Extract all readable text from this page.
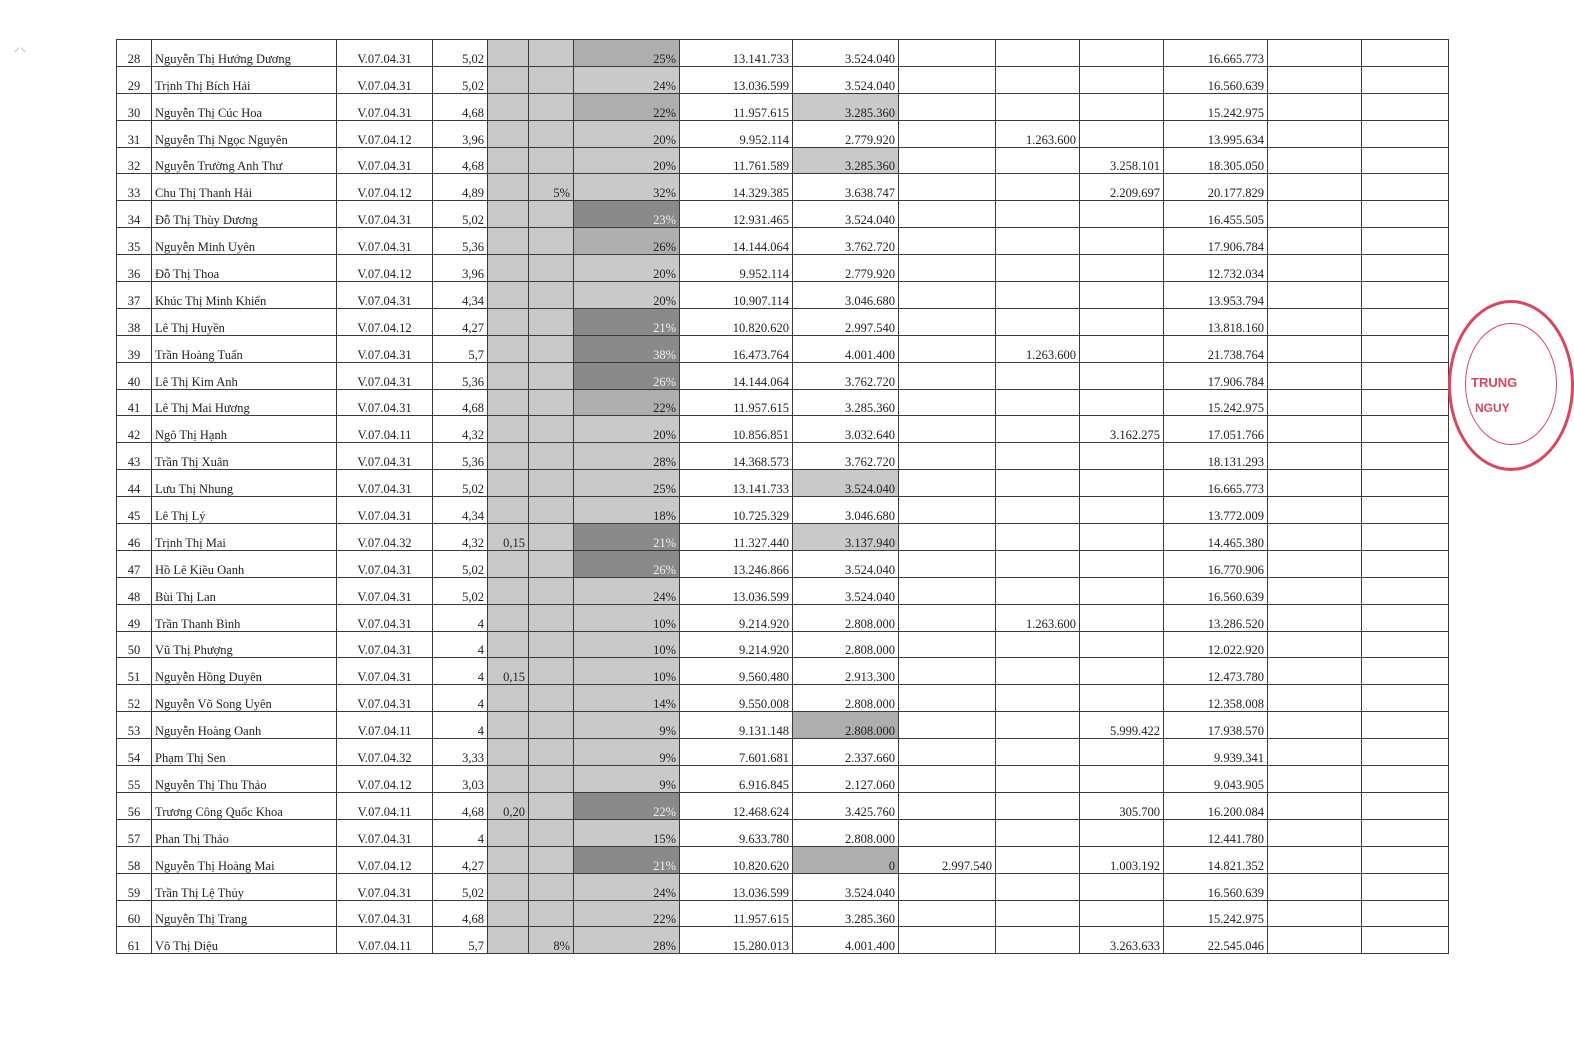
⸝⸜
28	Nguyễn Thị Hướng Dương	V.07.04.31	5,02			25%	13.141.733	3.524.040				16.665.773		
29	Trịnh Thị Bích Hải	V.07.04.31	5,02			24%	13.036.599	3.524.040				16.560.639		
30	Nguyễn Thị Cúc Hoa	V.07.04.31	4,68			22%	11.957.615	3.285.360				15.242.975		
31	Nguyễn Thị Ngọc Nguyên	V.07.04.12	3,96			20%	9.952.114	2.779.920		1.263.600		13.995.634		
32	Nguyễn Trường Anh Thư	V.07.04.31	4,68			20%	11.761.589	3.285.360			3.258.101	18.305.050		
33	Chu Thị Thanh Hải	V.07.04.12	4,89		5%	32%	14.329.385	3.638.747			2.209.697	20.177.829		
34	Đỗ Thị Thùy Dương	V.07.04.31	5,02			23%	12.931.465	3.524.040				16.455.505		
35	Nguyễn Minh Uyên	V.07.04.31	5,36			26%	14.144.064	3.762.720				17.906.784		
36	Đỗ Thị Thoa	V.07.04.12	3,96			20%	9.952.114	2.779.920				12.732.034		
37	Khúc Thị Minh Khiển	V.07.04.31	4,34			20%	10.907.114	3.046.680				13.953.794		
38	Lê Thị Huyền	V.07.04.12	4,27			21%	10.820.620	2.997.540				13.818.160		
39	Trần Hoàng Tuấn	V.07.04.31	5,7			38%	16.473.764	4.001.400		1.263.600		21.738.764		
40	Lê Thị Kim Anh	V.07.04.31	5,36			26%	14.144.064	3.762.720				17.906.784		
41	Lê Thị Mai Hương	V.07.04.31	4,68			22%	11.957.615	3.285.360				15.242.975		
42	Ngô Thị Hạnh	V.07.04.11	4,32			20%	10.856.851	3.032.640			3.162.275	17.051.766		
43	Trần Thị Xuân	V.07.04.31	5,36			28%	14.368.573	3.762.720				18.131.293		
44	Lưu Thị Nhung	V.07.04.31	5,02			25%	13.141.733	3.524.040				16.665.773		
45	Lê Thị Lý	V.07.04.31	4,34			18%	10.725.329	3.046.680				13.772.009		
46	Trịnh Thị Mai	V.07.04.32	4,32	0,15		21%	11.327.440	3.137.940				14.465.380		
47	Hồ Lê Kiều Oanh	V.07.04.31	5,02			26%	13.246.866	3.524.040				16.770.906		
48	Bùi Thị Lan	V.07.04.31	5,02			24%	13.036.599	3.524.040				16.560.639		
49	Trần Thanh Bình	V.07.04.31	4			10%	9.214.920	2.808.000		1.263.600		13.286.520		
50	Vũ Thị Phượng	V.07.04.31	4			10%	9.214.920	2.808.000				12.022.920		
51	Nguyễn Hồng Duyên	V.07.04.31	4	0,15		10%	9.560.480	2.913.300				12.473.780		
52	Nguyễn Võ Song Uyên	V.07.04.31	4			14%	9.550.008	2.808.000				12.358.008		
53	Nguyễn Hoàng Oanh	V.07.04.11	4			9%	9.131.148	2.808.000			5.999.422	17.938.570		
54	Phạm Thị Sen	V.07.04.32	3,33			9%	7.601.681	2.337.660				9.939.341		
55	Nguyễn Thị Thu Thảo	V.07.04.12	3,03			9%	6.916.845	2.127.060				9.043.905		
56	Trương Công Quốc Khoa	V.07.04.11	4,68	0,20		22%	12.468.624	3.425.760			305.700	16.200.084		
57	Phan Thị Thảo	V.07.04.31	4			15%	9.633.780	2.808.000				12.441.780		
58	Nguyễn Thị Hoàng Mai	V.07.04.12	4,27			21%	10.820.620	0	2.997.540		1.003.192	14.821.352		
59	Trần Thị Lệ Thủy	V.07.04.31	5,02			24%	13.036.599	3.524.040				16.560.639		
60	Nguyễn Thị Trang	V.07.04.31	4,68			22%	11.957.615	3.285.360				15.242.975		
61	Võ Thị Diệu	V.07.04.11	5,7		8%	28%	15.280.013	4.001.400			3.263.633	22.545.046		
TRUNG
NGUY
